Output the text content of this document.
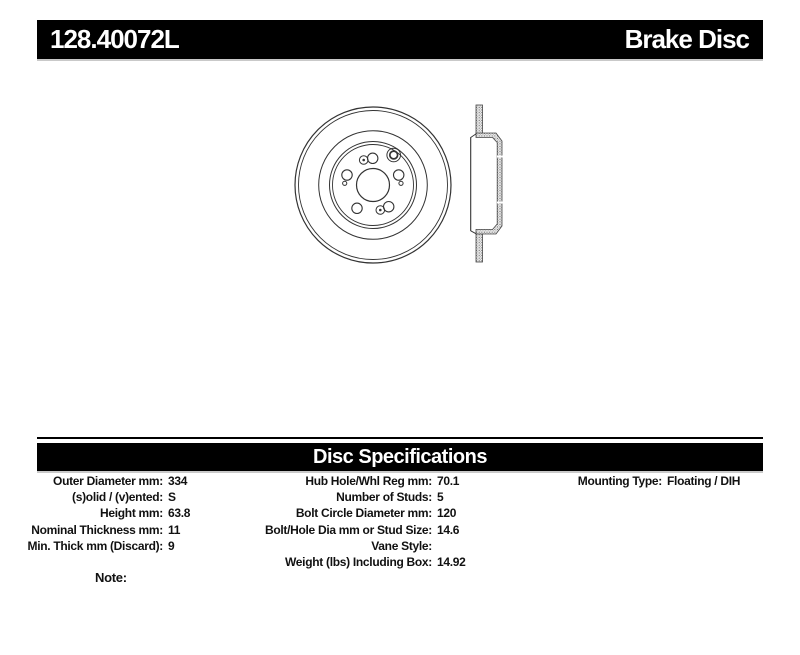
128.40072L	Brake Disc
Disc Specifications
Outer Diameter mm: 334
(s)olid / (v)ented: S
Height mm: 63.8
Nominal Thickness mm: 11
Min. Thick mm (Discard): 9
Hub Hole/Whl Reg mm: 70.1
Number of Studs: 5
Bolt Circle Diameter mm: 120
Bolt/Hole Dia mm or Stud Size: 14.6
Vane Style:
Weight (lbs) Including Box: 14.92
Mounting Type: Floating / DIH
Note:
